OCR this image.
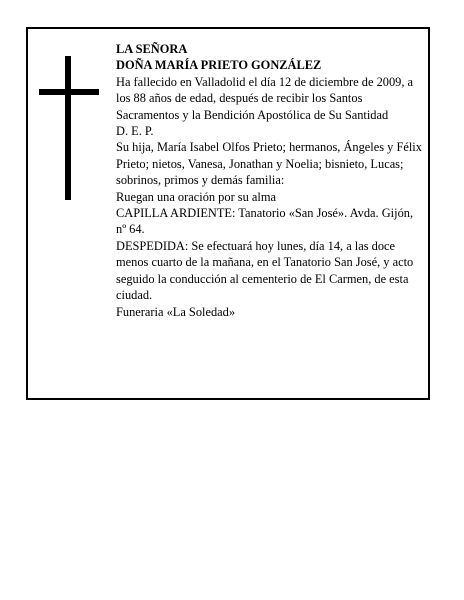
LA SEÑORA

DOÑA MARÍA PRIETO GONZÁLEZ

Ha fallecido en Valladolid el día 12 de diciembre de 2009, a los 88 años de edad, después de recibir los Santos Sacramentos y la Bendición Apostólica de Su Santidad

D. E. P.

Su hija, María Isabel Olfos Prieto; hermanos, Ángeles y Félix Prieto; nietos, Vanesa, Jonathan y Noelia; bisnieto, Lucas; sobrinos, primos y demás familia:

Ruegan una oración por su alma

CAPILLA ARDIENTE: Tanatorio «San José». Avda. Gijón, nº 64.

DESPEDIDA: Se efectuará hoy lunes, día 14, a las doce menos cuarto de la mañana, en el Tanatorio San José, y acto seguido la conducción al cementerio de El Carmen, de esta ciudad.

Funeraria «La Soledad»
